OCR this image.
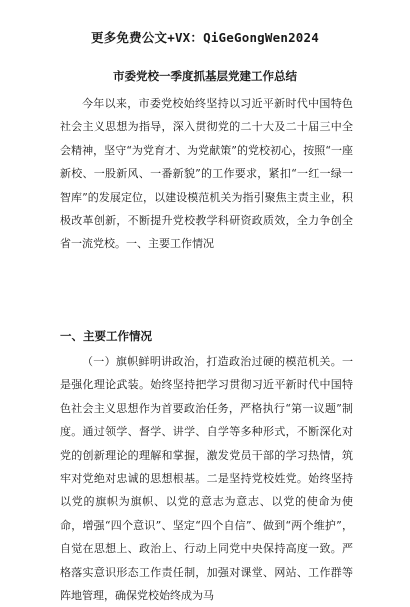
更多免费公文+VX：QiGeGongWen2024
市委党校一季度抓基层党建工作总结
今年以来，市委党校始终坚持以习近平新时代中国特色社会主义思想为指导，深入贯彻党的二十大及二十届三中全会精神，坚守“为党育才、为党献策”的党校初心，按照“一座新校、一股新风、一番新貌”的工作要求，紧扣“一红一绿一智库”的发展定位，以建设模范机关为指引聚焦主责主业，积极改革创新，不断提升党校教学科研资政质效，全力争创全省一流党校。一、主要工作情况
一、主要工作情况
（一）旗帜鲜明讲政治，打造政治过硬的模范机关。一是强化理论武装。始终坚持把学习贯彻习近平新时代中国特色社会主义思想作为首要政治任务，严格执行“第一议题”制度。通过领学、督学、讲学、自学等多种形式，不断深化对党的创新理论的理解和掌握，激发党员干部的学习热情，筑牢对党绝对忠诚的思想根基。二是坚持党校姓党。始终坚持以党的旗帜为旗帜、以党的意志为意志、以党的使命为使命，增强“四个意识”、坚定“四个自信”、做到“两个维护”，自觉在思想上、政治上、行动上同党中央保持高度一致。严格落实意识形态工作责任制，加强对课堂、网站、工作群等阵地管理，确保党校始终成为马
